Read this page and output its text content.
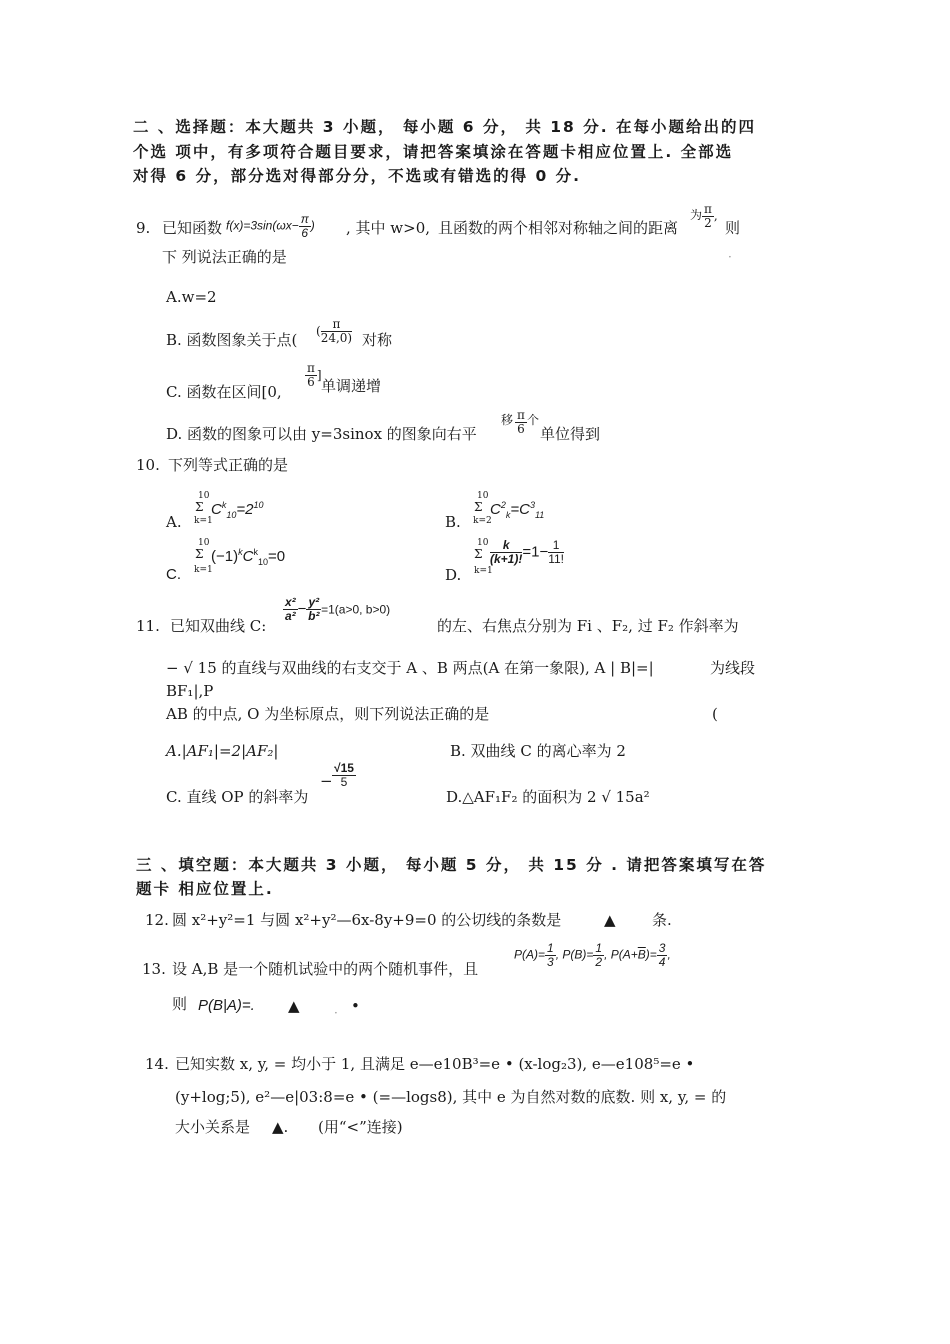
二 、选择题：本大题共 3 小题， 每小题 6 分， 共 18 分. 在每小题给出的四
个选 项中，有多项符合题目要求，请把答案填涂在答题卡相应位置上. 全部选
对得 6 分，部分选对得部分分，不选或有错选的得 0 分.
9. 已知函数 $f(x)=3\sin(\omega x- \frac{\pi}{6}$ ) , 其中 w>0, 且函数的两个相邻对称轴之间的距离
为 $\frac{\pi}{2}$ ,
则
下 列说法正确的是	·
A.w=2
B. 函数图象关于点( ( $\frac{\pi}{24,0)}$ 对称
C. 函数在区间[0,
$\frac{\pi}{6}$ ]
单调递增
D. 函数的图象可以由 y=3sinox 的图象向右平
移 $\frac{\pi}{6}$ 个
单位得到
10. 下列等式正确的是
A.
10
Σ
k=1
$C^k_{10}=2^{10}$
B.
10
Σ
k=2
$C^2_k=C^3_{11}$
C.
10
Σ
k=1
$(-1)^kC^k_{10}=0$
D.
10
Σ
k=1
$\frac{k}{(k+1)!} =1- \frac{1}{11!}$
11. 已知双曲线 C:
$\frac{\text{x²}}{\text{a²}} - \frac{\text{y²}}{\text{b²}} =1(a>0$, b>0)
的左、右焦点分别为 Fi 、F₂, 过 F₂ 作斜率为
− √ 15 的直线与双曲线的右支交于 A 、B 两点(A 在第一象限), A | B|=|	为线段
BF₁|,P
AB 的中点, O 为坐标原点，则下列说法正确的是	(
A.|AF₁|=2|AF₂|	B. 双曲线 C 的离心率为 2
C. 直线 OP 的斜率为
− $\frac{√15}{5}$
D.△AF₁F₂ 的面积为 2 √ 15a²
三 、填空题：本大题共 3 小题， 每小题 5 分， 共 15 分 . 请把答案填写在答
题卡 相应位置上.
12. 圆 x²+y²=1 与圆 x²+y²—6x-8y+9=0 的公切线的条数是	▲ 条.
13. 设 A,B 是一个随机试验中的两个随机事件，且
$P(A)= \frac{1}{3}$ , $P(B)= \frac{1}{2}$ , $P(A+\overline{B})= \frac{3}{4}$ ,
则 P(B|A)=. ▲	· •
14. 已知实数 x, y, = 均小于 1, 且满足 e—e10B³=e • (x-log₂3), e—e108⁵=e •
(y+log;5), e²—e|03:8=e • (=—logs8), 其中 e 为自然对数的底数. 则 x, y, = 的
大小关系是 ▲. (用“<”连接)
